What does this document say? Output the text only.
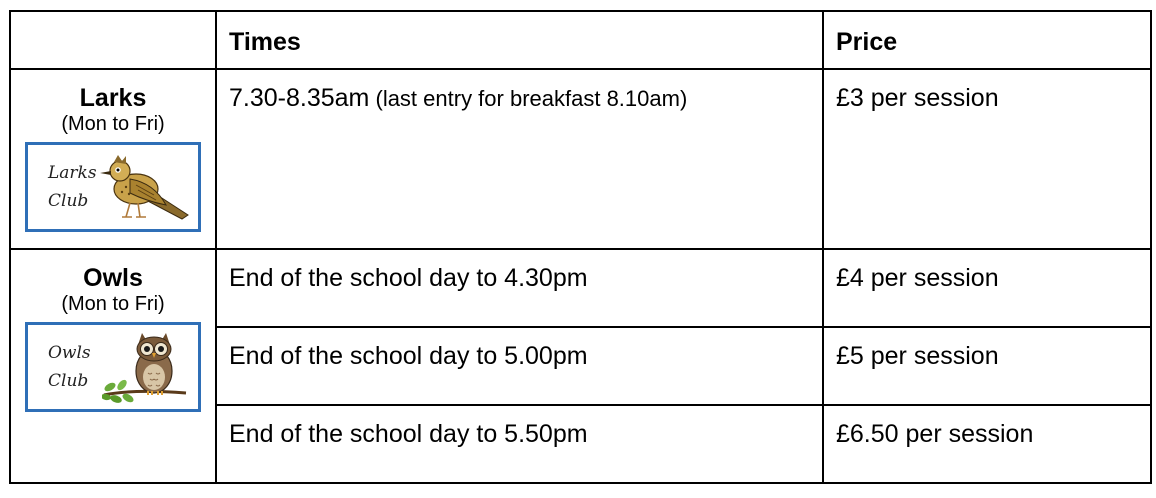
	Times	Price

Larks
(Mon to Fri)
Larks
Club	7.30-8.35am (last entry for breakfast 8.10am)	£3 per session

Owls
(Mon to Fri)
Owls
Club	End of the school day to 4.30pm	£4 per session

	End of the school day to 5.00pm	£5 per session

	End of the school day to 5.50pm	£6.50 per session
